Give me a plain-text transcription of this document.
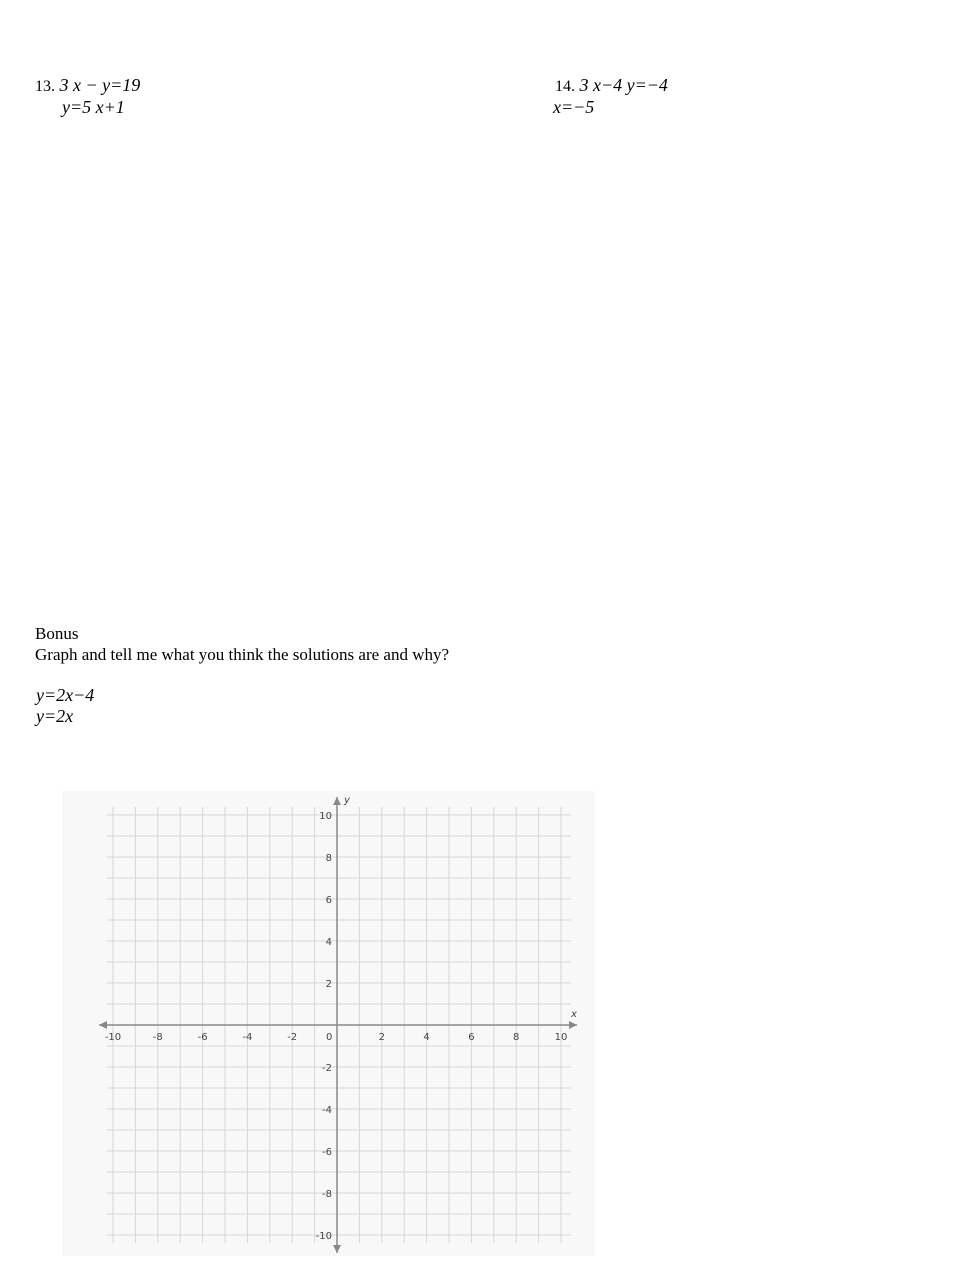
13. 3 x − y=19
y=5 x+1
14. 3 x−4 y=−4
x=−5
Bonus
Graph and tell me what you think the solutions are and why?
y=2x−4
y=2x
x
y
-10	-8	-6	-4	-2	0	2	4	6	8	10
10
8
6
4
2
-2
-4
-6
-8
-10
